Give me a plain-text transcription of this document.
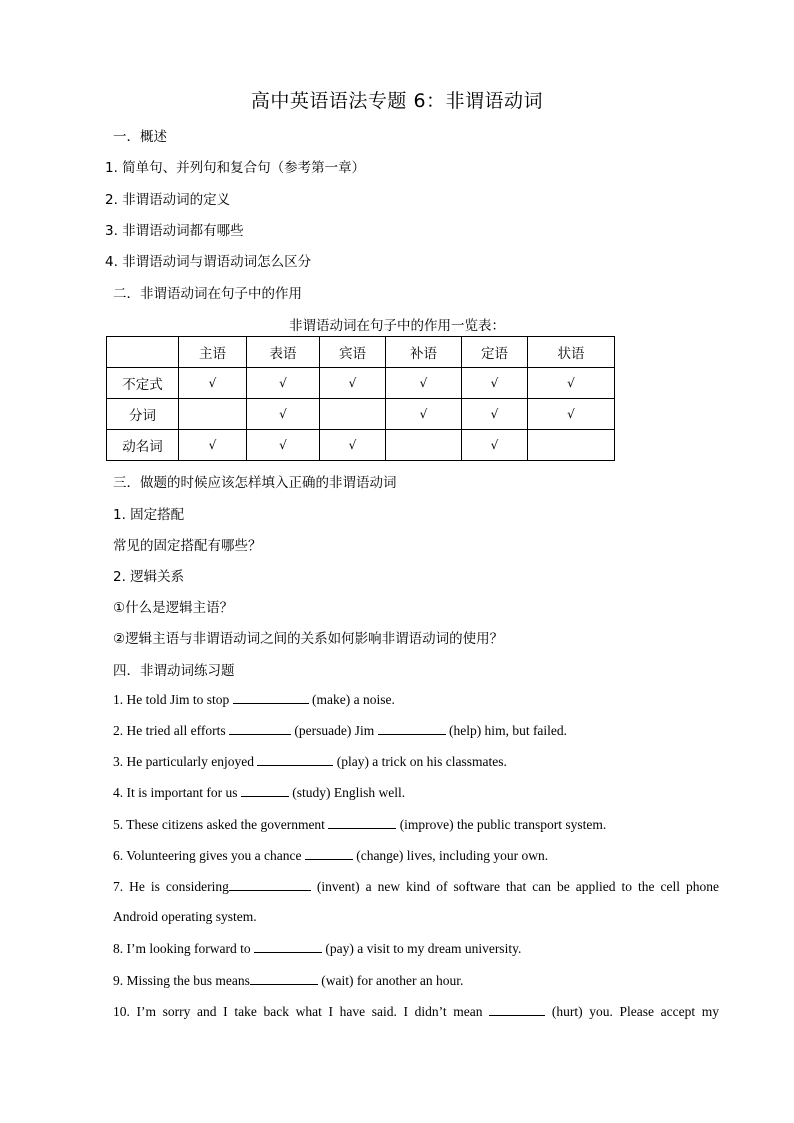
高中英语语法专题 6：非谓语动词
一．概述
1. 简单句、并列句和复合句（参考第一章）
2. 非谓语动词的定义
3. 非谓语动词都有哪些
4. 非谓语动词与谓语动词怎么区分
二．非谓语动词在句子中的作用
非谓语动词在句子中的作用一览表：
	主语	表语	宾语	补语	定语	状语
不定式	√	√	√	√	√	√
分词		√		√	√	√
动名词	√	√	√		√	
三．做题的时候应该怎样填入正确的非谓语动词
1. 固定搭配
常见的固定搭配有哪些？
2. 逻辑关系
①什么是逻辑主语？
②逻辑主语与非谓语动词之间的关系如何影响非谓语动词的使用？
四．非谓动词练习题
1. He told Jim to stop	(make) a noise.
2. He tried all efforts	(persuade) Jim	(help) him, but failed.
3. He particularly enjoyed	(play) a trick on his classmates.
4. It is important for us	(study) English well.
5. These citizens asked the government	(improve) the public transport system.
6. Volunteering gives you a chance	(change) lives, including your own.
7. He is considering	(invent) a new kind of software that can be applied to the cell phone
Android operating system.
8. I’m looking forward to	(pay) a visit to my dream university.
9. Missing the bus means	(wait) for another an hour.
10. I’m sorry and I take back what I have said. I didn’t mean	(hurt) you. Please accept my
